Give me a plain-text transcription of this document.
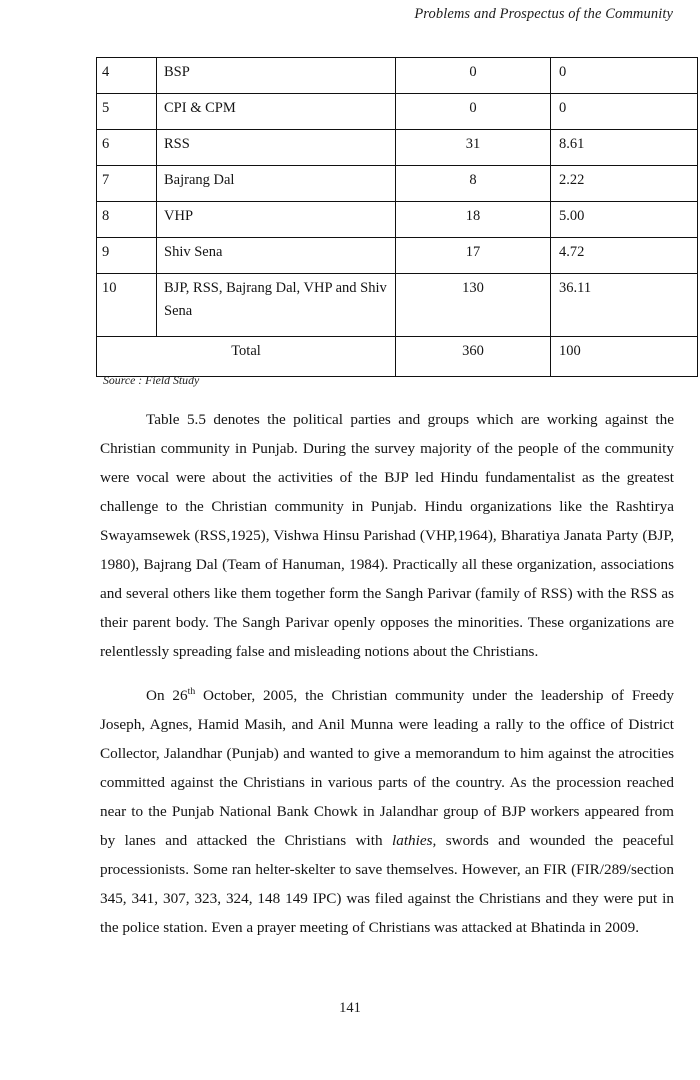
Problems and Prospectus of the Community
4	BSP	0	0
5	CPI & CPM	0	0
6	RSS	31	8.61
7	Bajrang Dal	8	2.22
8	VHP	18	5.00
9	Shiv Sena	17	4.72
10	BJP, RSS, Bajrang Dal, VHP and Shiv Sena	130	36.11
Total		360	100
Source : Field Study

Table 5.5 denotes the political parties and groups which are working against the Christian community in Punjab. During the survey majority of the people of the community were vocal were about the activities of the BJP led Hindu fundamentalist as the greatest challenge to the Christian community in Punjab. Hindu organizations like the Rashtirya Swayamsewek (RSS,1925), Vishwa Hinsu Parishad (VHP,1964), Bharatiya Janata Party (BJP, 1980), Bajrang Dal (Team of Hanuman, 1984). Practically all these organization, associations and several others like them together form the Sangh Parivar (family of RSS) with the RSS as their parent body. The Sangh Parivar openly opposes the minorities. These organizations are relentlessly spreading false and misleading notions about the Christians.

On 26th October, 2005, the Christian community under the leadership of Freedy Joseph, Agnes, Hamid Masih, and Anil Munna were leading a rally to the office of District Collector, Jalandhar (Punjab) and wanted to give a memorandum to him against the atrocities committed against the Christians in various parts of the country. As the procession reached near to the Punjab National Bank Chowk in Jalandhar group of BJP workers appeared from by lanes and attacked the Christians with lathies, swords and wounded the peaceful processionists. Some ran helter-skelter to save themselves. However, an FIR (FIR/289/section 345, 341, 307, 323, 324, 148 149 IPC) was filed against the Christians and they were put in the police station. Even a prayer meeting of Christians was attacked at Bhatinda in 2009.

141
